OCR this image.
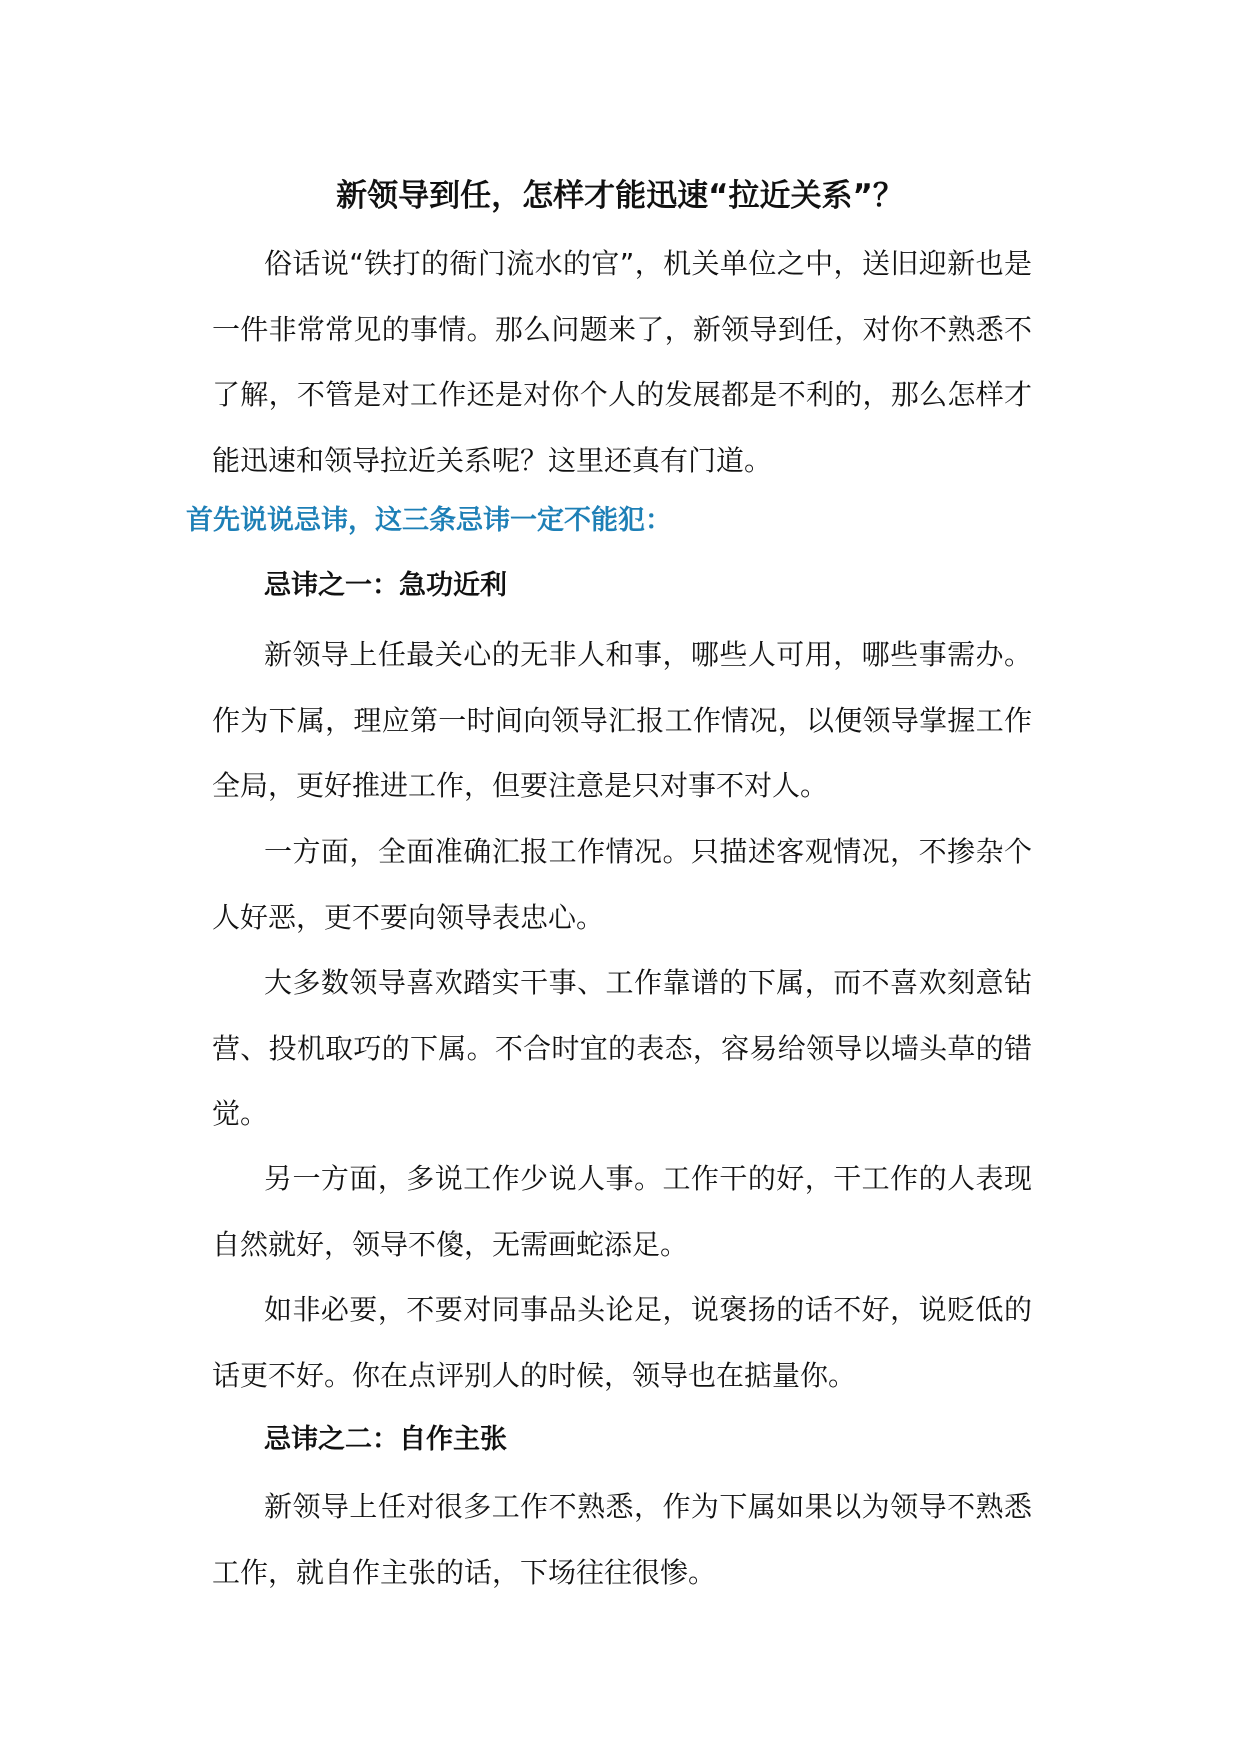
新领导到任，怎样才能迅速“拉近关系”？

俗话说“铁打的衙门流水的官”，机关单位之中，送旧迎新也是一件非常常见的事情。那么问题来了，新领导到任，对你不熟悉不了解，不管是对工作还是对你个人的发展都是不利的，那么怎样才能迅速和领导拉近关系呢？这里还真有门道。

首先说说忌讳，这三条忌讳一定不能犯：
忌讳之一：急功近利

新领导上任最关心的无非人和事，哪些人可用，哪些事需办。作为下属，理应第一时间向领导汇报工作情况，以便领导掌握工作全局，更好推进工作，但要注意是只对事不对人。

一方面，全面准确汇报工作情况。只描述客观情况，不掺杂个人好恶，更不要向领导表忠心。

大多数领导喜欢踏实干事、工作靠谱的下属，而不喜欢刻意钻营、投机取巧的下属。不合时宜的表态，容易给领导以墙头草的错觉。

另一方面，多说工作少说人事。工作干的好，干工作的人表现自然就好，领导不傻，无需画蛇添足。

如非必要，不要对同事品头论足，说褒扬的话不好，说贬低的话更不好。你在点评别人的时候，领导也在掂量你。

忌讳之二：自作主张

新领导上任对很多工作不熟悉，作为下属如果以为领导不熟悉工作，就自作主张的话，下场往往很惨。
